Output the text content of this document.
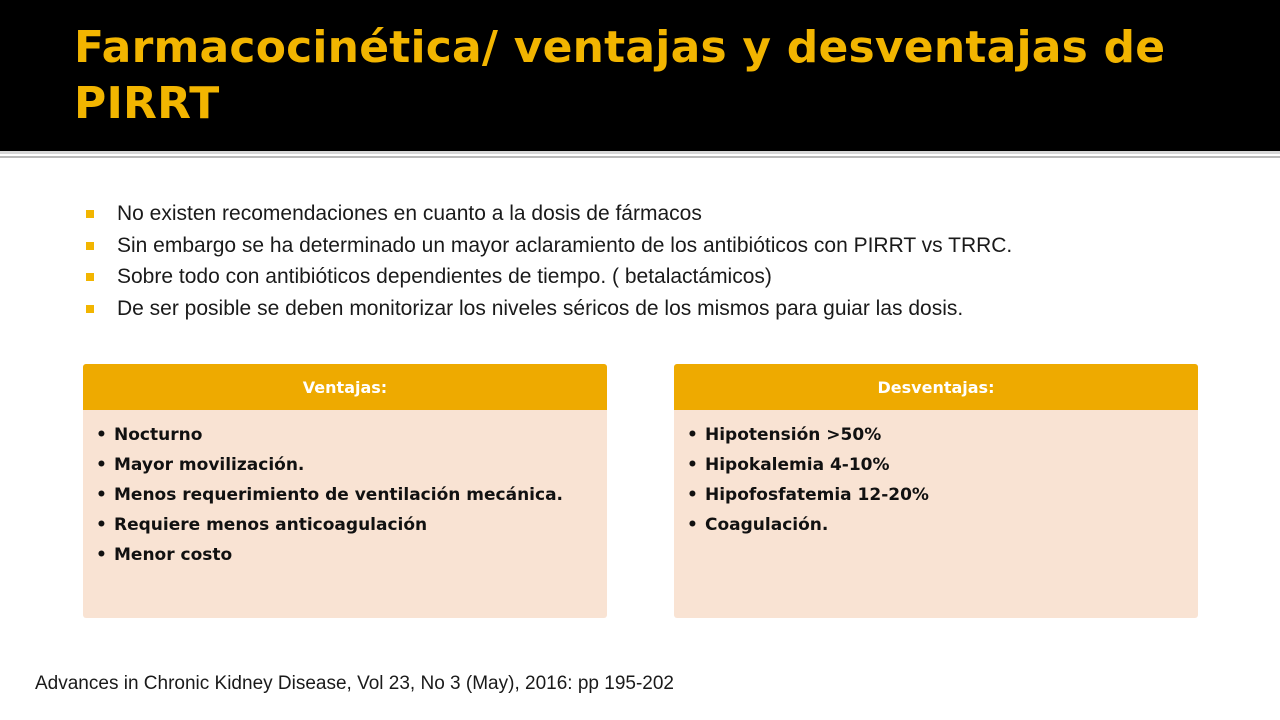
Farmacocinética/ ventajas y desventajas de PIRRT
No existen recomendaciones en cuanto a la dosis de fármacos
Sin embargo se ha determinado un mayor aclaramiento de los antibióticos con PIRRT vs TRRC.
Sobre todo con antibióticos dependientes de tiempo. ( betalactámicos)
De ser posible se deben monitorizar los niveles séricos de los mismos para guiar las dosis.
Ventajas:
• Nocturno
• Mayor movilización.
• Menos requerimiento de ventilación mecánica.
• Requiere menos anticoagulación
• Menor costo
Desventajas:
• Hipotensión >50%
• Hipokalemia 4-10%
• Hipofosfatemia 12-20%
• Coagulación.
Advances in Chronic Kidney Disease, Vol 23, No 3 (May), 2016: pp 195-202
